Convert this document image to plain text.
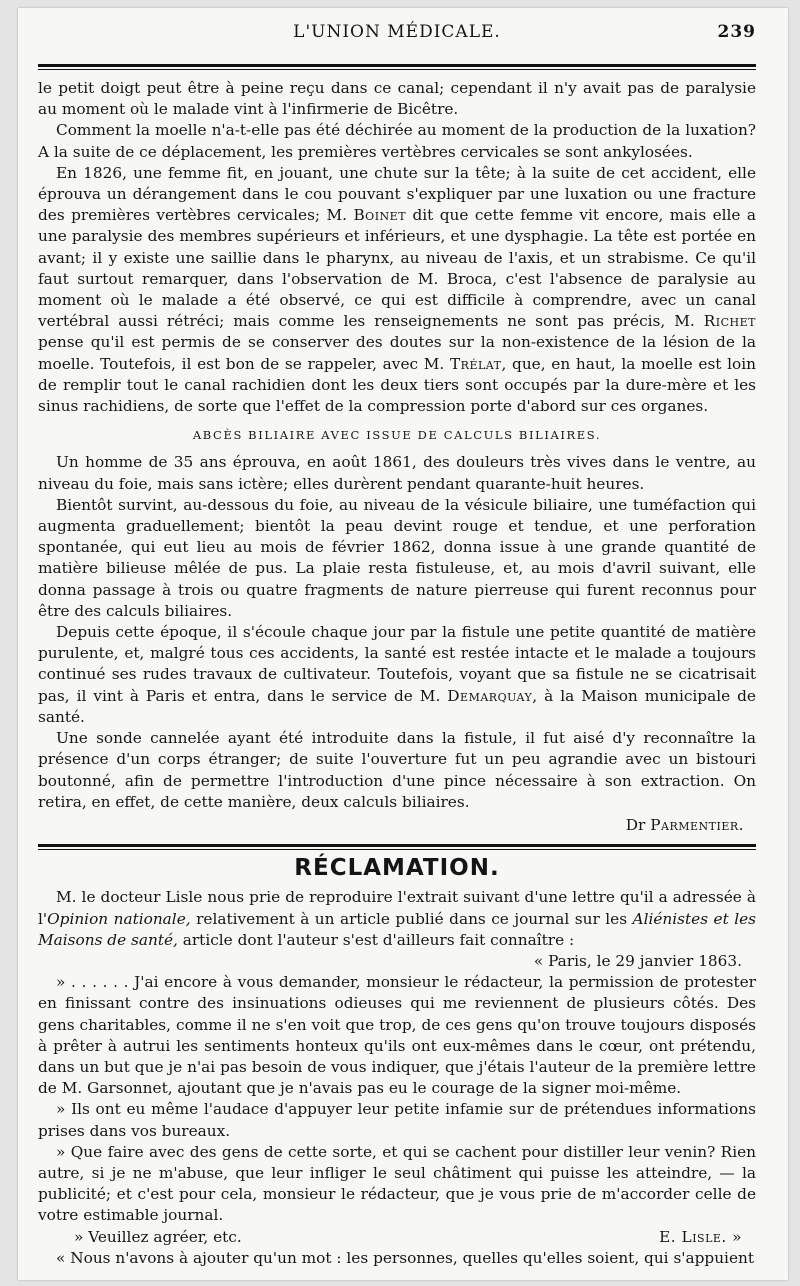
L'UNION MÉDICALE.	239

le petit doigt peut être à peine reçu dans ce canal; cependant il n'y avait pas de paralysie au moment où le malade vint à l'infirmerie de Bicêtre.

Comment la moelle n'a-t-elle pas été déchirée au moment de la production de la luxation? A la suite de ce déplacement, les premières vertèbres cervicales se sont ankylosées.

En 1826, une femme fit, en jouant, une chute sur la tête; à la suite de cet accident, elle éprouva un dérangement dans le cou pouvant s'expliquer par une luxation ou une fracture des premières vertèbres cervicales; M. Boinet dit que cette femme vit encore, mais elle a une paralysie des membres supérieurs et inférieurs, et une dysphagie. La tête est portée en avant; il y existe une saillie dans le pharynx, au niveau de l'axis, et un strabisme. Ce qu'il faut surtout remarquer, dans l'observation de M. Broca, c'est l'absence de paralysie au moment où le malade a été observé, ce qui est difficile à comprendre, avec un canal vertébral aussi rétréci; mais comme les renseignements ne sont pas précis, M. Richet pense qu'il est permis de se conserver des doutes sur la non-existence de la lésion de la moelle. Toutefois, il est bon de se rappeler, avec M. Trélat, que, en haut, la moelle est loin de remplir tout le canal rachidien dont les deux tiers sont occupés par la dure-mère et les sinus rachidiens, de sorte que l'effet de la compression porte d'abord sur ces organes.

ABCÈS BILIAIRE AVEC ISSUE DE CALCULS BILIAIRES.

Un homme de 35 ans éprouva, en août 1861, des douleurs très vives dans le ventre, au niveau du foie, mais sans ictère; elles durèrent pendant quarante-huit heures.

Bientôt survint, au-dessous du foie, au niveau de la vésicule biliaire, une tuméfaction qui augmenta graduellement; bientôt la peau devint rouge et tendue, et une perforation spontanée, qui eut lieu au mois de février 1862, donna issue à une grande quantité de matière bilieuse mêlée de pus. La plaie resta fistuleuse, et, au mois d'avril suivant, elle donna passage à trois ou quatre fragments de nature pierreuse qui furent reconnus pour être des calculs biliaires.

Depuis cette époque, il s'écoule chaque jour par la fistule une petite quantité de matière purulente, et, malgré tous ces accidents, la santé est restée intacte et le malade a toujours continué ses rudes travaux de cultivateur. Toutefois, voyant que sa fistule ne se cicatrisait pas, il vint à Paris et entra, dans le service de M. Demarquay, à la Maison municipale de santé.

Une sonde cannelée ayant été introduite dans la fistule, il fut aisé d'y reconnaître la présence d'un corps étranger; de suite l'ouverture fut un peu agrandie avec un bistouri boutonné, afin de permettre l'introduction d'une pince nécessaire à son extraction. On retira, en effet, de cette manière, deux calculs biliaires.

Dr Parmentier.
RÉCLAMATION.

M. le docteur Lisle nous prie de reproduire l'extrait suivant d'une lettre qu'il a adressée à l'Opinion nationale, relativement à un article publié dans ce journal sur les Aliénistes et les Maisons de santé, article dont l'auteur s'est d'ailleurs fait connaître :

« Paris, le 29 janvier 1863.

» . . . . . . J'ai encore à vous demander, monsieur le rédacteur, la permission de protester en finissant contre des insinuations odieuses qui me reviennent de plusieurs côtés. Des gens charitables, comme il ne s'en voit que trop, de ces gens qu'on trouve toujours disposés à prêter à autrui les sentiments honteux qu'ils ont eux-mêmes dans le cœur, ont prétendu, dans un but que je n'ai pas besoin de vous indiquer, que j'étais l'auteur de la première lettre de M. Garsonnet, ajoutant que je n'avais pas eu le courage de la signer moi-même.

» Ils ont eu même l'audace d'appuyer leur petite infamie sur de prétendues informations prises dans vos bureaux.

» Que faire avec des gens de cette sorte, et qui se cachent pour distiller leur venin? Rien autre, si je ne m'abuse, que leur infliger le seul châtiment qui puisse les atteindre, — la publicité; et c'est pour cela, monsieur le rédacteur, que je vous prie de m'accorder celle de votre estimable journal.

» Veuillez agréer, etc.	E. Lisle. »

« Nous n'avons à ajouter qu'un mot : les personnes, quelles qu'elles soient, qui s'appuient
